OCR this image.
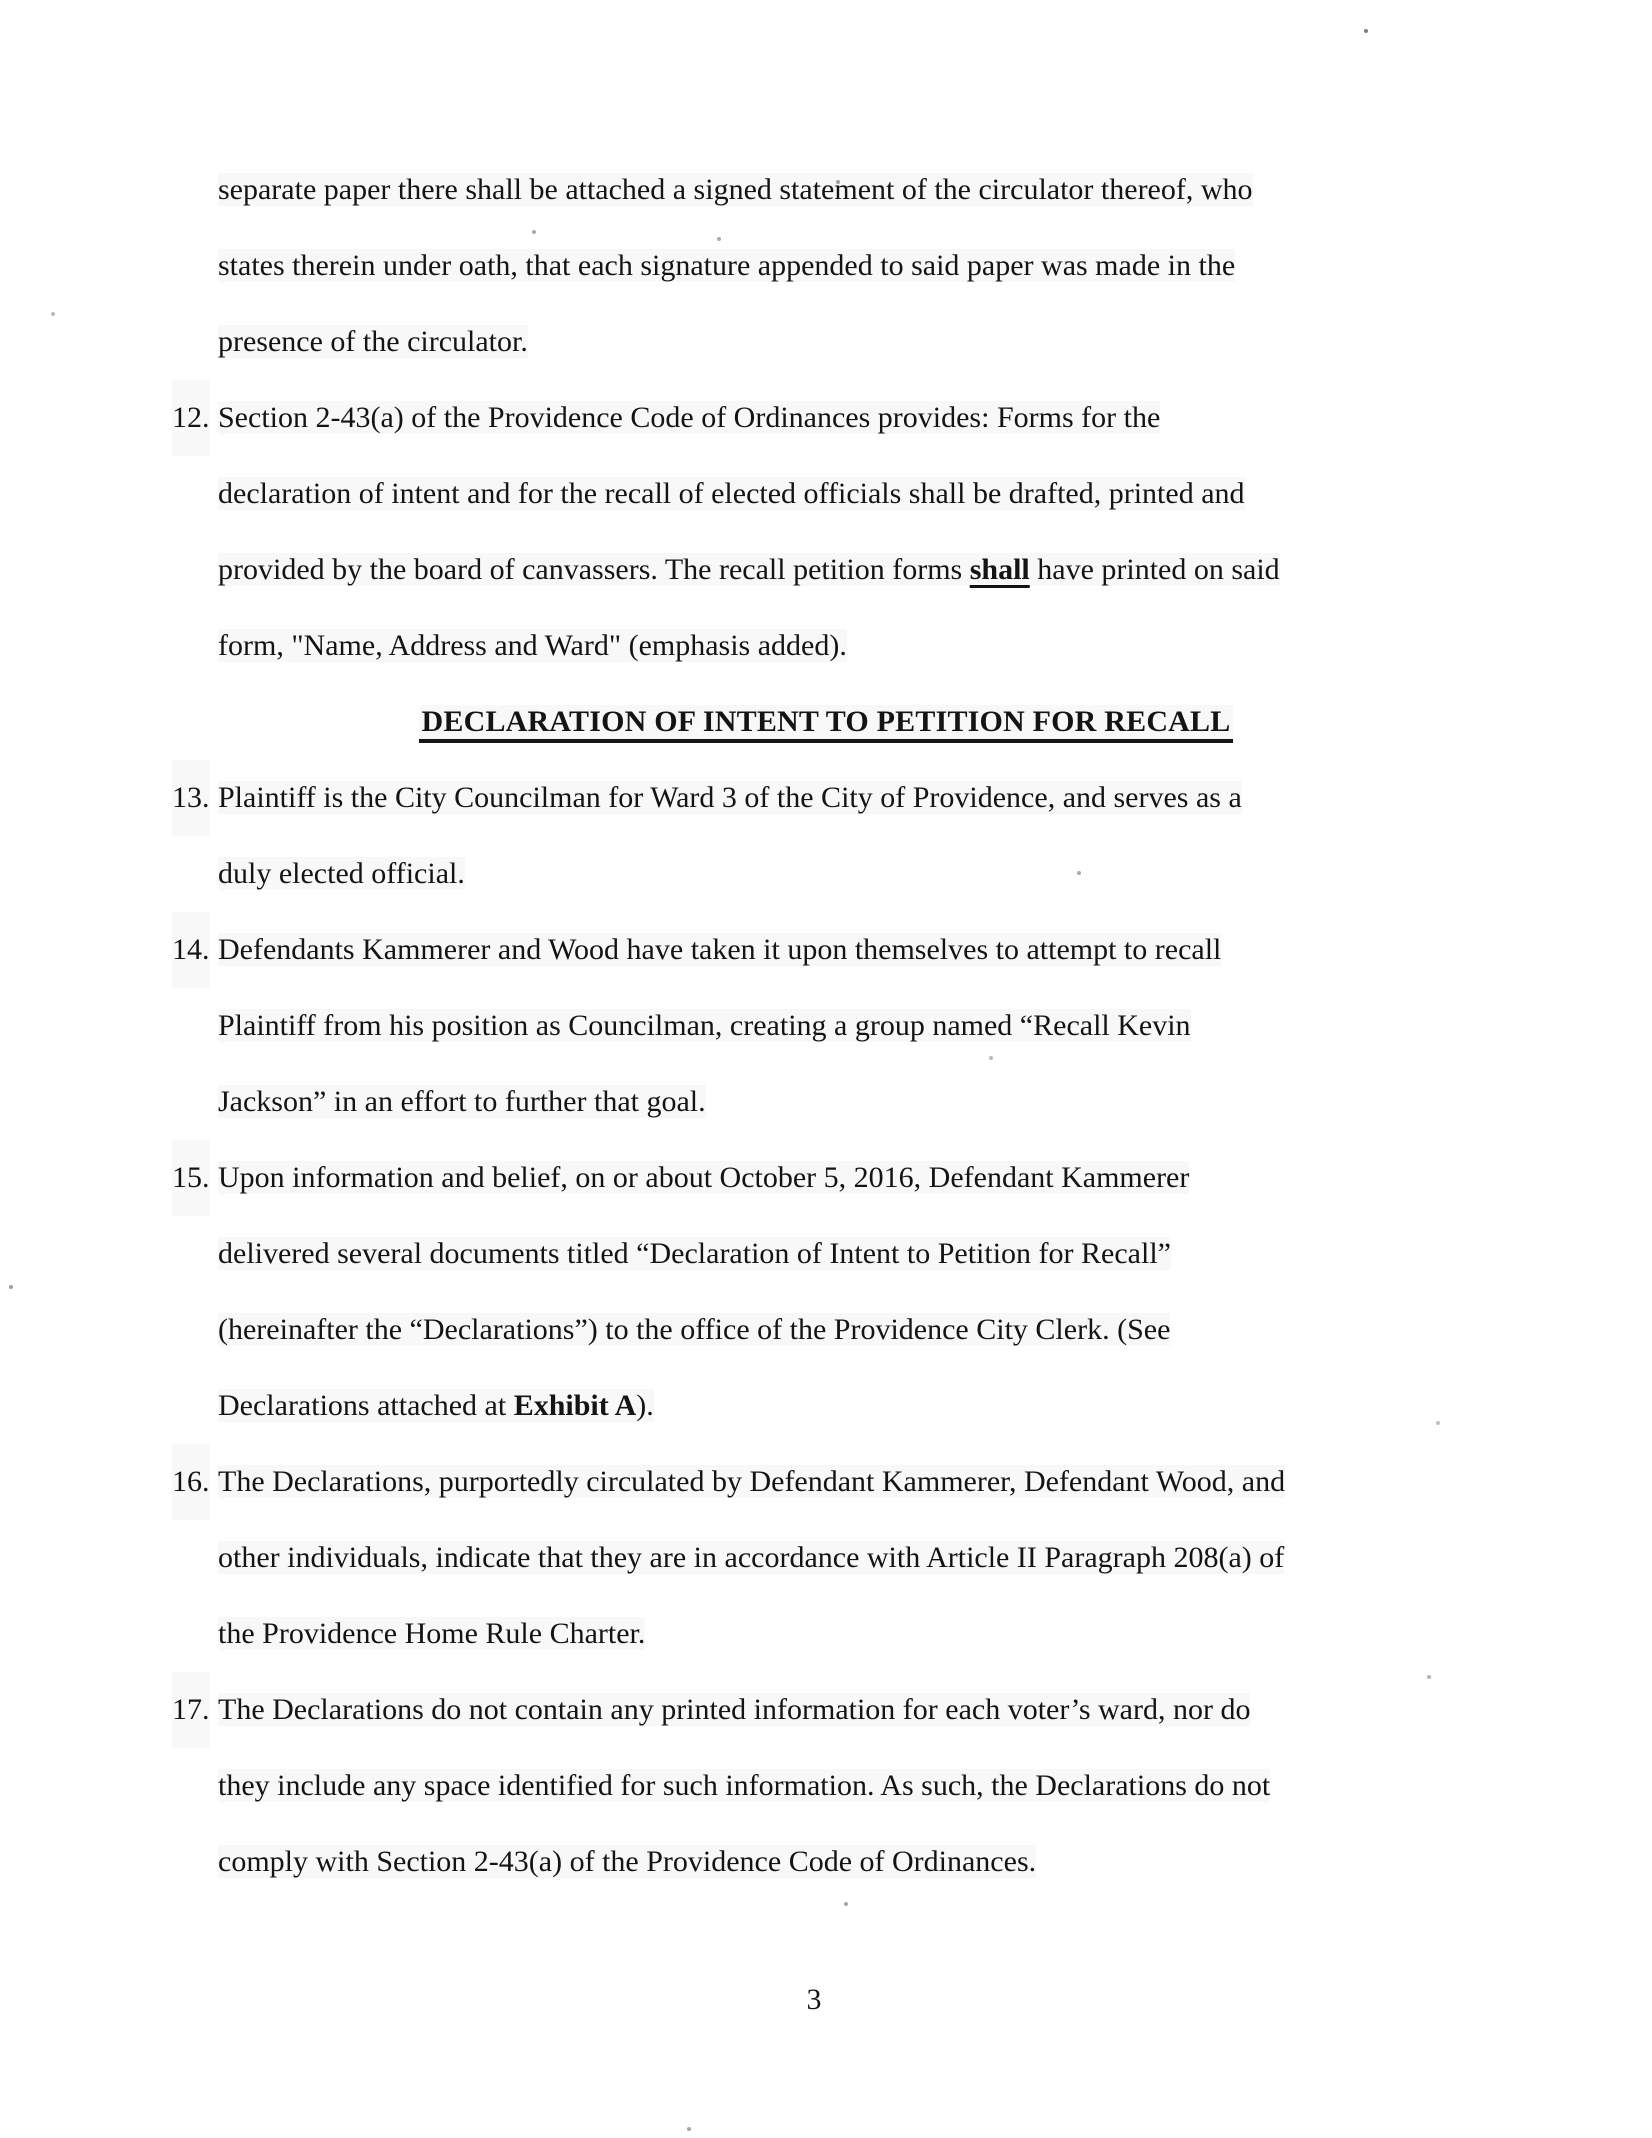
separate paper there shall be attached a signed statement of the circulator thereof, who
states therein under oath, that each signature appended to said paper was made in the
presence of the circulator.
12. Section 2-43(a) of the Providence Code of Ordinances provides: Forms for the
declaration of intent and for the recall of elected officials shall be drafted, printed and
provided by the board of canvassers. The recall petition forms shall have printed on said
form, "Name, Address and Ward" (emphasis added).
DECLARATION OF INTENT TO PETITION FOR RECALL
13. Plaintiff is the City Councilman for Ward 3 of the City of Providence, and serves as a
duly elected official.
14. Defendants Kammerer and Wood have taken it upon themselves to attempt to recall
Plaintiff from his position as Councilman, creating a group named “Recall Kevin
Jackson” in an effort to further that goal.
15. Upon information and belief, on or about October 5, 2016, Defendant Kammerer
delivered several documents titled “Declaration of Intent to Petition for Recall”
(hereinafter the “Declarations”) to the office of the Providence City Clerk. (See
Declarations attached at Exhibit A).
16. The Declarations, purportedly circulated by Defendant Kammerer, Defendant Wood, and
other individuals, indicate that they are in accordance with Article II Paragraph 208(a) of
the Providence Home Rule Charter.
17. The Declarations do not contain any printed information for each voter’s ward, nor do
they include any space identified for such information. As such, the Declarations do not
comply with Section 2-43(a) of the Providence Code of Ordinances.
3
